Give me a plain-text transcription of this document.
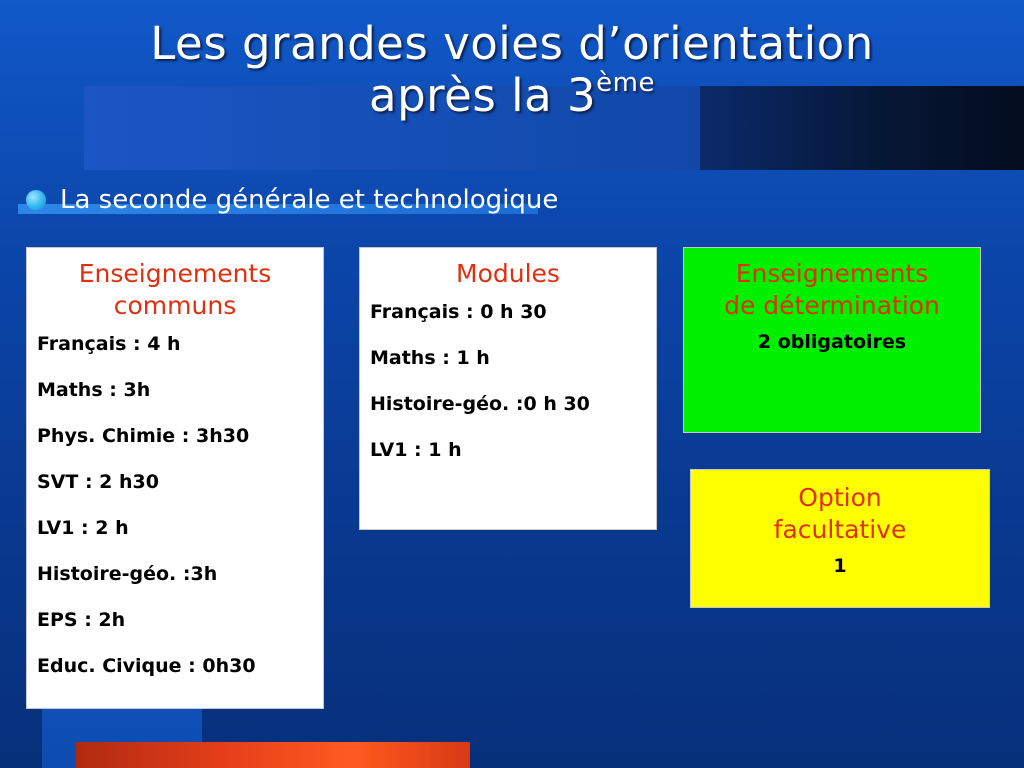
Les grandes voies d’orientation
après la 3ème
La seconde générale et technologique
Enseignements
communs
Français : 4 h
Maths : 3h
Phys. Chimie : 3h30
SVT : 2 h30
LV1 : 2 h
Histoire-géo. :3h
EPS : 2h
Educ. Civique : 0h30
Modules
Français : 0 h 30
Maths : 1 h
Histoire-géo. :0 h 30
LV1 : 1 h
Enseignements
de détermination
2 obligatoires
Option
facultative
1
